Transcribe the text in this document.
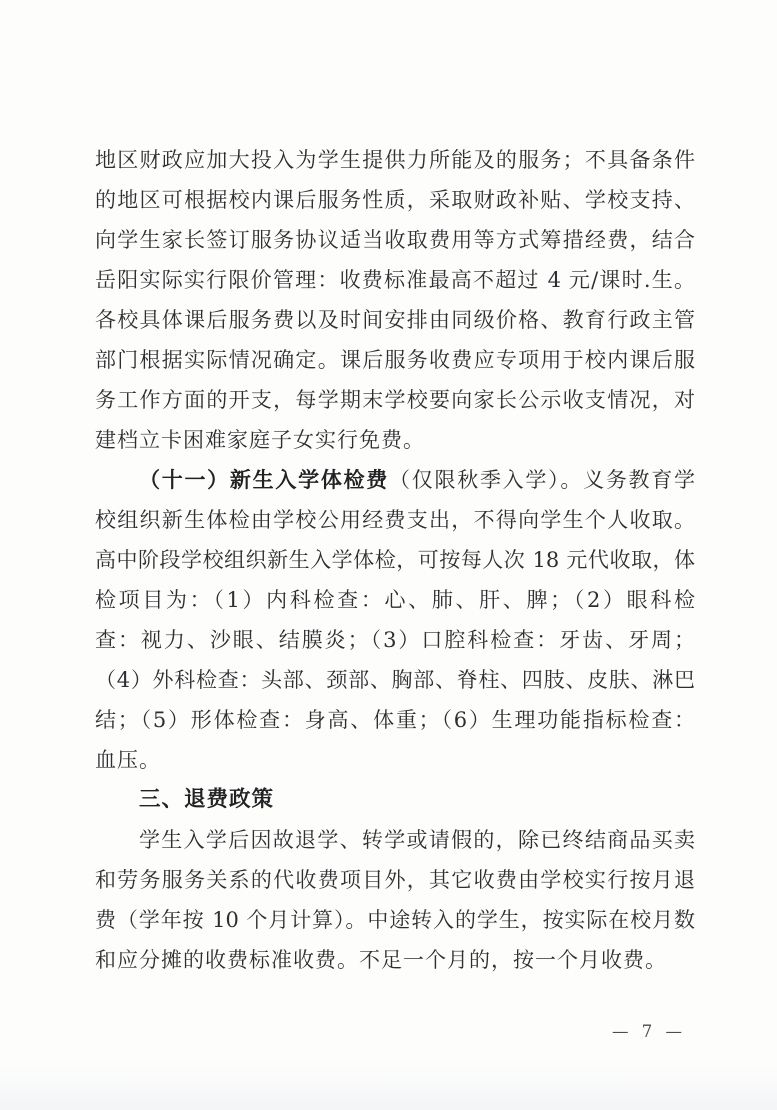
地区财政应加大投入为学生提供力所能及的服务；不具备条件
的地区可根据校内课后服务性质，采取财政补贴、学校支持、
向学生家长签订服务协议适当收取费用等方式筹措经费，结合
岳阳实际实行限价管理：收费标准最高不超过 4 元/课时.生。
各校具体课后服务费以及时间安排由同级价格、教育行政主管
部门根据实际情况确定。课后服务收费应专项用于校内课后服
务工作方面的开支，每学期末学校要向家长公示收支情况，对
建档立卡困难家庭子女实行免费。
（十一）新生入学体检费（仅限秋季入学）。义务教育学
校组织新生体检由学校公用经费支出，不得向学生个人收取。
高中阶段学校组织新生入学体检，可按每人次 18 元代收取，体
检项目为：（1）内科检查：心、肺、肝、脾；（2）眼科检
查：视力、沙眼、结膜炎；（3）口腔科检查：牙齿、牙周；
（4）外科检查：头部、颈部、胸部、脊柱、四肢、皮肤、淋巴
结；（5）形体检查：身高、体重；（6）生理功能指标检查：
血压。
三、退费政策
学生入学后因故退学、转学或请假的，除已终结商品买卖
和劳务服务关系的代收费项目外，其它收费由学校实行按月退
费（学年按 10 个月计算）。中途转入的学生，按实际在校月数
和应分摊的收费标准收费。不足一个月的，按一个月收费。
— 7 —
